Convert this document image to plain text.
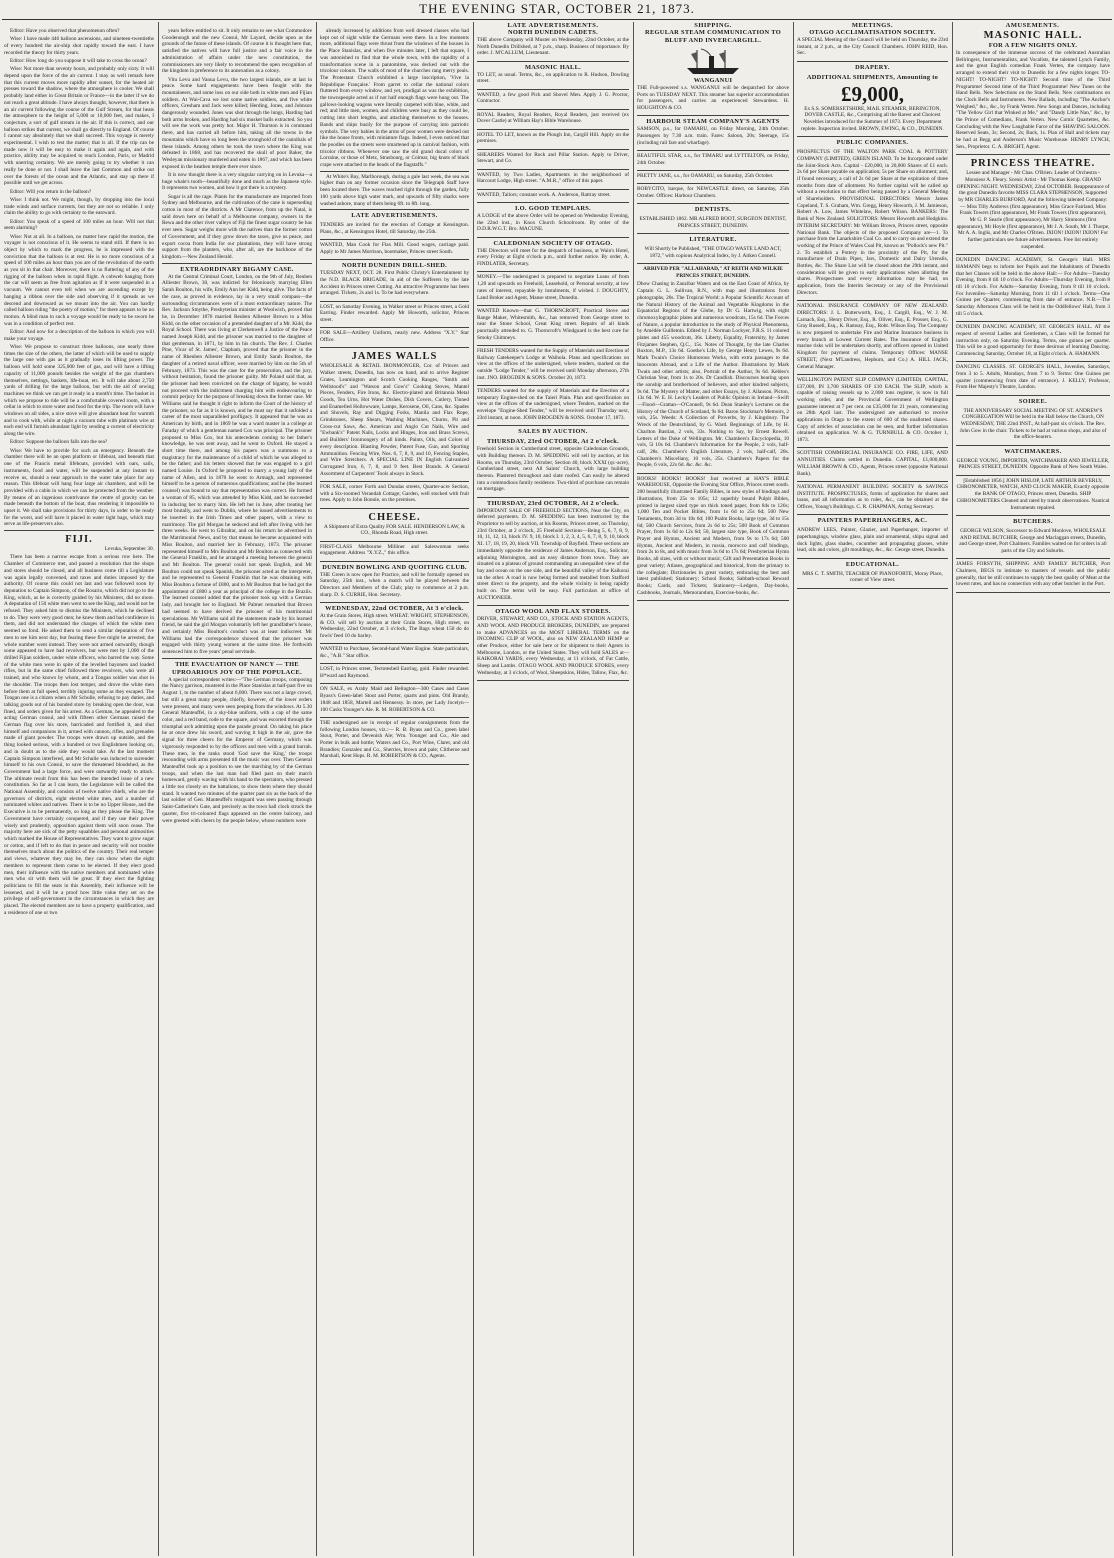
THE EVENING STAR, OCTOBER 21, 1873.
LATE ADVERTISEMENTS.	SHIPPING.	MEETINGS.	AMUSEMENTS.

Editor: Have you observed that phenomenon often?

Wise: I have made 446 balloon ascensions, and nineteen-twentieths of every hundred the air-ship shot rapidly toward the east. I have recorded the theory for thirty years.

Editor: How long do you suppose it will take to cross the ocean?

Wise: Not more than seventy hours, and probably only sixty. It will depend upon the force of the air current. I may as well remark here that this current moves more rapidly after sunset, for the heated air presses toward the shadow, where the atmosphere is cooler. We shall probably land either in Great Britain or France—in the latter if we do not reach a great altitude. I have always thought, however, that there is an air current following the course of the Gulf Stream, for that heats the atmosphere to the height of 5,000 or 10,000 feet, and makes, I conjecture, a sort of gulf stream in the air. If this is correct, and our balloon strikes that current, we shall go directly to England. Of course I cannot say absolutely that we shall succeed. This voyage is merely experimental. I wish to test the matter; that is all. If the trip can be made now it will be easy to make it again and again, and with practice, ability may be acquired to reach London, Paris, or Madrid with unerring certainty. We are merely going to try whether it can really be done or not. I shall leave the last Common and strike out over the forests of the ocean and the Atlantic, and stay up there if possible until we get across.

Editor: Will you return in the balloon?

Wise: I think not. We might, though, by dropping into the local trade winds and surface currents, but they are not so reliable. I only claim the ability to go with certainty to the eastward.

Editor: You speak of a speed of 100 miles an hour. Will not that seem alarming?

Wise: Not at all. In a balloon, no matter how rapid the motion, the voyager is not conscious of it. He seems to stand still. If there is no object by which to mark the progress, he is impressed with the conviction that the balloon is at rest. He is no more conscious of a speed of 100 miles an hour than you are of the revolution of the earth as you sit in that chair. Moreover, there is no fluttering of any of the rigging of the balloon when in rapid flight. A cobweb hanging from the car will seem as free from agitation as if it were suspended in a vacuum. We cannot even tell when we are ascending except by hanging a ribbon over the side and observing if it spreads as we descend and downward as we mount into the air. You can hardly called balloon riding "the poetry of motion," for there appears to be no motion. A blind man in such a voyage would be ready to be sworn he was in a condition of perfect rest.

Editor: And now for a description of the balloon in which you will make your voyage.

Wise: We propose to construct three balloons, one nearly three times the size of the others, the latter of which will be used to supply the large one with gas as it gradually loses its lifting power. The balloon will hold some 325,000 feet of gas, and will have a lifting capacity of 11,000 pounds besides the weight of the gas chambers themselves, nettings, baskets, life-boat, etc. It will take about 2,750 yards of drilling for the large balloon, but with the aid of sewing machines we think we can get it ready in a month's time. The basket in which we propose to ride will be a comfortable covered room, with a cellar in which to store water and food for the trip. The room will have windows on all sides, a nice stove will give abundant heat for warmth and to cook with, while at night a vacuum tube with platinum wire at each end will furnish abundant light by sending a current of electricity along the wire.

Editor: Suppose the balloon falls into the sea?

Wise: We have to provide for such an emergency. Beneath the chamber there will be an open platform or lifeboat, and beneath that one of the Francis metal lifeboats, provided with oars, sails, instruments, food and water, will be suspended at any instant to receive us, should a near approach to the water take place for any reason. This lifeboat will hang four large air chambers, and will be provided with a cabin in which we can be protected from the weather. By means of an ingenious contrivance the centre of gravity can be made beneath the bottom of the boat, thus rendering it impossible to upset it. We shall take provisions for thirty days, in order to be ready for the worst, and will have it placed in water tight bags, which may serve as life-preservers also.

FIJI.

Levuka, September 30.

There has been a narrow escape from a serious row here. The Chamber of Commerce met, and passed a resolution that the shops and stores should be closed, and all business come till a Legislature was again legally convened, and taxes and duties imposed by the authority. Of course this could not last and was followed soon by deputation to Captain Simpson, of the Rosario, which did not go to the King, which, as he is correctly guided by his Ministers, did no more. A deputation of 150 white men went to see the King, and would not be refused. They asked him to dismiss the Ministers, which he declined to do. They were very good men; he knew them and had confidence in them, and did not understand the charges of which the white men seemed so fond. He asked them to send a similar deputation of five men to see him next day, but fearing these five might be arrested, the whole number went instead. They were not armed outwardly, though some appeared to have had revolvers, but were met by 1,000 of the drilled Fijian soldiers, under white officers, who barred the way. Some of the white men were in spite of the levelled bayonets and loaded rifles, but in the same chief followed three revolvers, who were all trained, and who knows by whom, and a Tongan soldier was shot in the shoulder. The troops then lost temper, and drove the white men before them at full speed, terribly injuring some as they escaped. The Tongan one is a citizen when a Mr Schulle, refusing to pay duties, and talking goods out of his bonded store by breaking open the door, was fined, and orders given for his arrest. As a German, he appealed to the acting German consul, and with fifteen other Germans raised the German flag over his store, barricaded and fortified it, and shut himself and companions in it, armed with cannon, rifles, and grenades made of giant powder. The troops were drawn up outside, and the thing looked serious, with a hundred or two Englishmen looking on, and in doubt as to the side they would take. At the last moment Captain Simpson interfered, and Mr Schulle was induced to surrender himself to his own Consul, to save the threatened bloodshed, as the Government had a large force, and were outwardly ready to attack. The ultimate result from this has been the intended issue of a new constitution. So far as I can learn, the Legislature will be called the National Assembly, and consists of twelve native chiefs, who are the governors of districts, eight elected white men, and a number of nominated whites and natives. There is to be no Upper House, and the Executive is to be permanently, so long as they please the King. The Government have certainly conquered, and if they use their power wisely and prudently, opposition against them will soon cease. The majority here are sick of the petty squabbles and personal animosities which marked the House of Representatives. They want to grow sugar or cotton, and if left to do that in peace and security will not trouble themselves much about the politics of the country. Their real temper and views, whatever they may be, they can show when the eight members to represent them come to be elected. If they elect good men, their influence with the native members and nominated white men who sit with them will be great. If they elect the fighting politicians to fill the seats in this Assembly, their influence will be lessened, and it will be a proof how little value they set on the privilege of self-government in the circumstances in which they are placed. The elected members are to have a property qualification, and a residence of one or two

years before entitled to sit. It only remains to see what Commodore Goodenough and the new Consul, Mr Layard, decide upon as the grounds of the future of these islands. Of course it is thought here that, satisfied the natives will have full justice and a fair voice in the administration of affairs under the new constitution, the commissioners are very likely to recommend the open recognition of the kingdom in preference to its annexation as a colony.

Vitu Levu and Vanua Levu, the two largest islands, are at last in peace. Some hard engagements have been fought with the mountaineers, and some loss on our side both in white men and Fijian soldiers. At Wai-Cava we lost some native soldiers, and five white officers, Gresham and Jack were killed; Herding, Jones, and Johnson dangerously wounded. Jones was shot through the lungs, Harding had both arms broken, and Harding had six musket balls extracted. So you will see the work was pretty hot. Major H. Thurston is in command there, and has carried all before him, taking all the towns in the mountains which have so long been the stronghold of the cannibals of these islands. Among others he took the town where the King was defeated in 1868, and has recovered the skull of poor Baker, the Wesleyan missionary murdered and eaten in 1867, and which has been exposed in the heathen temple there ever since.

It is now thought there is a very singular carrying on in Levuka—a huge whale's tooth—beautifully done and much as the Japanese style. It represents two women, and how it got there is a mystery.

Sugar is all the rage. Plants for the manufacture are imported from Sydney and Melbourne, and the cultivation of the cane is superseding cotton in most of the districts. A Mr Clarence, from up the Natal, is said down here on behalf of a Melbourne company, owners in the Rewa and the other river valleys of Fiji the finest sugar country he has ever seen. Sugar weighs more with the natives than the former cotton of Government, and if they grow down the taxes, give us peace, and export cocoa from India for our plantations, they will have strong support from the planters, who, after all, are the backbone of the kingdom.—New Zealand Herald.

EXTRAORDINARY BIGAMY CASE.

At the Central Criminal Court, London, on the 9th of July, Reuben Alliester Brown, 30, was indicted for feloniously marrying Ellen Sarah Boulton, his wife, Emily Ann her Kidd, being alive. The facts of the case, as proved in evidence, lay in a very small compass—the surrounding circumstances were of a most extraordinary nature. The Rev. Jackson Smythe, Presbyterian minister at Woolwich, proved that he, in December 1870 married Reuben Alliester Brown to a Miss Kidd, on the other occasion of a pretended daughter of a Mr. Kidd, the Royal School. There was living at Clerkenwell a Justice of the Peace named Joseph Kidd, and the prisoner was married to the daughter of that gentleman, in 1871, by him in his church. The Rev. J. Charles Pine, Vicar of St. James', Clapham, proved that the prisoner in the name of Rheuben Alliester Brown, and Emily Sarah Boulton, the daughter of a retired naval officer, were married by him on the 5th of February, 1873. This was the case for the prosecution, and the jury, without hesitation, found the prisoner guilty. Mr Poland said that, as the prisoner had been convicted on the charge of bigamy, he would not proceed with the indictment charging him with endeavouring to commit perjury for the purpose of breaking down the former case. Mr Williams said he thought it right to inform the Court of the history of the prisoner, so far as it is known, and he must say that it unfolded a career of the most unparalleled profligacy. It appeared that he was an American by birth, and in 1869 he was a ward master in a college at Faraday of which a gentleman named Cox was principal. The prisoner proposed to Miss Cox, but his antecedents coming to her father's knowledge, he was sent away, and he went to Oxford. He stayed a short time there, and among his papers was a summons to a magistracy for the maintenance of a child of which he was alleged to be the father; and his letters showed that he was engaged to a girl named Louise. In Oxford he proposed to marry a young lady of the name of Allen, and in 1870 he went to Armagh, and represented himself to be a person of numerous qualifications; and he (the learned counsel) was bound to say that representation was correct. He formed a woman of 85, which was attended by Miss Kidd, and he succeeded in inducing her to marry him. He left her in June, after treating her most brutally, and went to Dublin, where he issued advertisements to be inserted in the Irish Times and other papers, with a view to matrimony. The girl Morgan he seduced and left after living with her three weeks. He went to Gibraltar, and on his return he advertised in the Matrimonial News, and by that means he became acquainted with Miss Boulton, and married her in February, 1873. The prisoner represented himself to Mrs Boulton and Mr Boulton as connected with the General Franklin, and he arranged a meeting between the general and Mr Boulton. The general could not speak English, and Mr Boulton could not speak Spanish, the prisoner acted as the interpreter, and he represented to General Franklin that he was obtaining with Miss Boulton a fortune of £800, and to Mr Boulton that he had got the appointment of £800 a year as principal of the college in the Brazils. The learned counsel added that the prisoner took up with a German lady, and brought her to England. Mr Palmer remarked that Brown had seemed to have derived the prisoner of his matrimonial speculations. Mr Williams said all the statements made by his learned friend, he said the girl Morgan voluntarily left her grandfather's house, and certainly Miss Boulton's conduct was at least indiscreet. Mr Williams had the correspondence showed that the prisoner was engaged with thirty young women at the same time. He forthwith sentenced him to five years' penal servitude.

THE EVACUATION OF NANCY — THE UPROARIOUS JOY OF THE POPULACE.

A special correspondent writes:—"The German troops, composing the Nancy garrison, mustered in the Place Stanislas at half-past five on August 1, to the number of about 6,000. There was not a large crowd, but still a great many people, chiefly, however, of the lower orders were present, and many were seen peeping from the windows. At 5.30 General Manteuffel, in a sky-blue uniform, with a cap of the same color, and a red band, rode to the square, and was escorted through the triumphal arch admitting upon the parade ground. On taking his place he at once drew his sword, and waving it high in the air, gave the signal for three cheers for the Emperor of Germany, which was vigorously responded to by the officers and men with a grand hurrah. These men, in the ranks stood 'God save the King,' the troops resounding with arms presented till the music was over. Then General Manteuffel took up a position to see the marching by of the German troops, and when the last man had filed past on their march homeward, gently waving with his hand to the spectators, who pressed a little too closely on the battalions, to show them where they should stand. It wanted two minutes of the quarter past six as the back of the last soldier of Gen. Manteuffel's rearguard was seen passing through Saint-Catherine's Gate, and precisely as the town hall clock struck the quarter, five tri-coloured flags appeared on the centre balcony, and were greeted with cheers by the people below, whose numbers were

already increased by additions from well dressed classes who had kept out of sight while the Germans were there. In a few moments more, additional flags were thrust from the windows of the houses in the Place Stanislas, and when five minutes later, I left that square, I was astonished to find that the whole town, with the rapidity of a transformation scene in a pantomime, was decked out with the tricolour colours. The walls of most of the churches rang merry peals. The Protestant Church exhibited a large inscription, 'Vive la République Française.' From garret to cellar the national colors fluttered from every window, and yet, prodigal as was the exhibition, the townspeople acted as if not half enough flags were hung out. The gallows-looking wagons were literally carpeted with blue, white, and red; and little men, women, and children were busy as they could be, cutting into short lengths, and attaching themselves to the houses. Bands and ships busily for the purpose of carrying into patriotic symbols. The very babies in the arms of poor women were decked out like the house fronts, with miniature flags. Indeed, I even noticed that the poodles on the streets were smartened up in carnival fashion, with tricolor ribbons. Whenever one saw the old grand ducal colors of Lorraine, or those of Metz, Strasbourg, or Colmar, big knots of black crape were attached to the heads of the flagstaffs."

At White's Bay, Marlborough, during a gale last week, the sea was higher than on any former occasion since the Telegraph Staff have been located there. The waves reached right through the garden, fully 100 yards above high water mark, and upwards of fifty sharks were washed ashore, many of them being 6ft. to 8ft. long.

LATE ADVERTISEMENTS.

TENDERS are invited for the erection of Cottage at Kensington. Plans, &c., at Kensington Hotel, till Saturday, the 25th.

WANTED, Man Cook for Flax Mill. Good wages, carriage paid. Apply to Mr James Morrison, bootmaker, Princes street South.

NORTH DUNEDIN DRILL-SHED.

TUESDAY NEXT, OCT. 28. First Public Christy's Entertainment by the N.D. BLACK BRIGADE, in aid of the Sufferers by the late Accident in Princes street Cutting. An attractive Programme has been arranged. Tickets, 2s and 1s. To be had everywhere.

LOST, on Saturday Evening, in Walker street or Princes street, a Gold Earring. Finder rewarded. Apply Mr Howorth, solicitor, Princes street.

FOR SALE—Artillery Uniform, nearly new. Address "X.Y." Star Office.

JAMES WALLS

WHOLESALE & RETAIL IRONMONGER, Cor. of Princes and Walker streets, Dunedin, has now on hand, and to arrive Register Grates, Leamington and Scotch Cooking Ranges, "Smith and Wellstood's" and "Watson and Gow's" Cooking Stoves, Mantel Pieces, Fenders, Fire Irons, &c. Electro-plated and Britannia Metal Goods, Tea Urns, Hot Water Dishes, Dish Covers, Cutlery, Tinned and Enamelled Hollowware, Lamps, Kerosene, Oil, Cans, &c. Spades and Shovels, Ray and Digging Forks, Manila and Flax Rope, Grindstones, Sheep Shears, Washing Machines, Churns, Pit and Cross-cut Saws, &c. American and Anglo Cut Nails, Wire and "Ewbank's" Patent Nails, Locks and Hinges, Iron and Brass Screws, and Builders' Ironmongery of all kinds. Paints, Oils, and Colors of every description. Blasting Powder, Patent Fuse, Gun, and Sporting Ammunition. Fencing Wire, Nos. 6, 7, 8, 9, and 10, Fencing Staples, and Wire Stretchers. A SPECIAL LINE IN English Galvanized Corrugated Iron, 6, 7, 8, and 9 feet. Best Brands. A General Assortment of Carpenters' Tools always in Stock.

FOR SALE, corner Forth and Dundas streets, Quarter-acre Section, with a Six-roomed Verandah Cottage; Garden, well stocked with fruit trees. Apply to John Bonnie, on the premises.

CHEESE.

A Shipment of Extra Quality FOR SALE. HENDERSON LAW, & CO., Rhonda Road, High street.

FIRST-CLASS Melbourne Milliner and Saleswoman seeks engagement. Address "X.Y.Z.," this office.

DUNEDIN BOWLING AND QUOITING CLUB.

THE Green is now open for Practice, and will be formally opened on Saturday, 25th inst., when a match will be played between the Directors and Members of the Club; play to commence at 2 p.m. sharp. D. S. CURRIE, Hon. Secretary.

WEDNESDAY, 22nd OCTOBER, At 3 o'clock.

At the Grain Stores, High street. WHEAT. WRIGHT, STEPHENSON, & CO. will sell by auction at their Grain Stores, High street, on Wednesday, 22nd October, at 3 o'clock, The Bags wheat 150 do do fowls' feed 10 do barley.

WANTED to Purchase, Second-hand Water Engine. State particulars, &c., "A.B." Star office.

LOST, in Princes street, Tectotesbell Earring, gold. Finder rewarded. H*ward and Raymond.

ON SALE, ex Araby Maid and Belington—300 Cases and Cases Byass's Green-label Stout and Porter, quarts and pints. Old Brandy, 1848 and 1858, Martell and Hennessy. In store, per Lady Jocelyn—100 Casks Younger's Ale. R. M. ROBERTSON & CO.

THE undersigned are in receipt of regular consignments from the following London houses, viz.:— R. B. Byass and Co., green label Stout, Porter, and Devenish Ale; Wm. Younger and Co., Ale and Porter in bulk and bottle; Waters and Co., Port Wine, Claret, and old Brandies; Gonzalez and Co., Sherries, brown and pale; Clitheroe and Marshall, Kent Hops. R. M. ROBERTSON & CO., Agents.

NORTH DUNEDIN CADETS.

THE above Company will Muster on Wednesday, 22nd October, at the North Dunedin Drillshed, at 7 p.m., sharp. Business of importance. By order. J. M'CALLUM, Lieutenant.

MASONIC HALL.

TO LET, as usual. Terms, &c., on application to R. Hudson, Dowling street.

WANTED, a few good Pick and Shovel Men. Apply J. G. Proctor, Contractor.

ROYAL Readers, Royal Readers, Royal Readers, just received (ex Dover Castle) at William Hay's Bible Warehouse.

HOTEL TO LET, known as the Plough Inn, Cargill Hill. Apply on the premises.

SHEARERS Wanted for Rock and Pillar Station. Apply to Driver, Stewart, and Co.

WANTED, by Two Ladies, Apartments in the neighborhood of Harcourt Lodge, High street. "A.M.R.," office of this paper.

WANTED, Tailors; constant work. A. Anderson, Rattray street.

I.O. GOOD TEMPLARS.

A LODGE of the above Order will be opened on Wednesday Evening, the 22nd inst., in Knox Church Schoolroom. By order of the D.D.R.W.G.T. Bro. MACUNE.

CALEDONIAN SOCIETY OF OTAGO.

THE Directors will meet for the despatch of business, at Wain's Hotel, every Friday at Eight o'clock p.m., until further notice. By order, A. FINDLATER, Secretary.

MONEY.—The undersigned is prepared to negotiate Loans of from 1,20 and upwards on Freehold, Leasehold, or Personal security, at low rates of interest, repayable by instalments, if wished. J. DOUGHTY, Land Broker and Agent, Manse street, Dunedin.

WANTED Known—that G. THORNCROFT, Practical Stove and Range Maker, Whitesmith, &c., has removed from George street to near the Stone School, Great King street. Repairs of all kinds punctually attended to. G. Thorncroft's Windguard is the best cure for Smoky Chimneys.

FRESH TENDERS wanted for the Supply of Materials and Erection of Railway Gatekeeper's Lodge at Waihola. Plans and specifications on view at the offices of the undersigned, where tenders, marked on the outside "Lodge Tender," will be received until Monday afternoon, 27th inst. JNO. BROGDEN & SONS. October 20, 1873.

TENDERS wanted for the supply of Materials and the Erection of a temporary Engine-shed on the Taieri Plain. Plan and specification on view at the offices of the undersigned, where Tenders, marked on the envelope "Engine-Shed Tender," will be received until Thursday next, 23rd instant, at noon. JOHN BROGDEN & SONS. October 17, 1873.

SALES BY AUCTION.
THURSDAY, 23rd OCTOBER, At 2 o'clock.

Freehold Section in Cumberland street, opposite Caledonian Grounds, with Building thereon. D. M. SPEDDING will sell by auction, at his Rooms, on Thursday, 23rd October, Section 40, block XXXI (qr.-acre), Cumberland street, next All Saints' Church, with large building thereon. Plastered throughout and slate roofed. Can easily be altered into a commodious family residence. Two-third of purchase can remain on mortgage.

THURSDAY, 23rd OCTOBER, At 2 o'clock.

IMPORTANT SALE OF FREEHOLD SECTIONS, Near the City, on deferred payments. D. M. SPEDDING has been instructed by the Proprietor to sell by auction, at his Rooms, Princes street, on Thursday, 23rd October, at 2 o'clock, 25 Freehold Sections—Being 5, 6, 7, 8, 9, 10, 11, 12, 13, block IV. 9, 10, block I. 1, 2, 3, 4, 5, 6, 7, 8, 9, 10, block XI. 17, 18, 19, 20, block VII. Township of Bayfield. These sections are immediately opposite the residence of James Anderson, Esq., Solicitor, adjoining Mornington, and an easy distance from town. They are situated on a plateau of ground commanding an unequalled view of the bay and ocean on the one side, and the beautiful valley of the Kaikorai on the other. A road is now being formed and metalled from Stafford street direct to the property, and the whole vicinity is being rapidly built on. The terms will be easy. Full particulars at office of AUCTIONEER.

OTAGO WOOL AND FLAX STORES.

DRIVER, STEWART, AND CO., STOCK AND STATION AGENTS, AND WOOL AND PRODUCE BROKERS, DUNEDIN, are prepared to make ADVANCES on the MOST LIBERAL TERMS on the INCOMING CLIP of WOOL, also on NEW ZEALAND HEMP or other Produce, either for sale here or for shipment to their Agents in Melbourne, London, or the United States. They will hold SALES at— KAIKORAI YARDS, every Wednesday, at 11 o'clock, of Fat Cattle, Sheep and Lambs. OTAGO WOOL AND PRODUCE STORES, every Wednesday, at 3 o'clock, of Wool, Sheepskins, Hides, Tallow, Flax, &c.

REGULAR STEAM COMMUNICATION TO BLUFF AND INVERCARGILL.
WANGANUI

THE Full-powered s.s. WANGANUI will be despatched for above Ports on TUESDAY NEXT. This steamer has superior accommodation for passengers, and carries an experienced Stewardess. H. HOUGHTON & CO.

HARBOUR STEAM COMPANY'S AGENTS

SAMSON, p.s., for OAMARU, on Friday Morning, 24th October. Passengers by 7.30 a.m. train. Fares: Saloon, 20s; Steerage, 15s (including rail fare and wharfage).

BEAUTIFUL STAR, s.s., for TIMARU and LYTTELTON, on Friday, 24th October.

PRETTY JANE, s.s., for OAMARU, on Saturday, 25th October.

BOBYCITO, barque, for NEWCASTLE direct, on Saturday, 25th October. Offices: Harbour Chambers.

DENTISTS.

ESTABLISHED 1862. MR ALFRED BOOT, SURGEON DENTIST, PRINCES STREET, DUNEDIN.

LITERATURE.

Will Shortly be Published, "THE OTAGO WASTE LAND ACT, 1872," with copious Analytical Index, by J. Aitken Connell.

ARRIVED PER "ALLAHABAD," AT REITH AND WILKIE PRINCES STREET, DUNEDIN.

Dhow Chasing in Zanzibar Waters and on the East Coast of Africa, by Captain G. L. Sullivan, R.N., with map and illustrations from photographs, 20s. The Tropical World: a Popular Scientific Account of the Natural History of the Animal and Vegetable Kingdoms in the Equatorial Regions of the Globe, by Dr G. Hartwig, with eight chromoxylographic plates and numerous woodcuts, 15s 6d. The Forces of Nature, a popular introduction to the study of Physical Phenomena, by Amédée Guillemin. Edited by J. Norman Lockyer, F.R.S. 11 colored plates and 455 woodcuts, 36s. Liberty, Equality, Fraternity, by James Fitzjames Stephen, Q.C., 15s. Notes of Thought, by the late Charles Buxton, M.P., 13s 6d. Goethe's Life, by George Henry Lewes, 9s 6d. Mark Twain's Choice Humorous Works, with extra passages to the Innocents Abroad, and a Life of the Author. Illustrations by Mark Twain and other artists; also, Portrait of the Author, 9s 6d. Kebles's Christian Year, from 1s to 20s. Dr Candlish. Discourses bearing upon the sonship and brotherhood of believers, and other kindred subjects, 9s 6d. The Mystery of Matter, and other Essays, by J. Allanson. Picton, 13s 6d. W. E. H. Lecky's Leaders of Public Opinion in Ireland—Swift—Flood—Grattan—O'Connell, 9s 6d. Dean Stanley's Lectures on the History of the Church of Scotland, 9s 6d. Baron Stockmar's Memoirs, 2 vols, 25s. Weeds: A Collection of Proverbs, by J. Kingsbury. The Wreck of the Deutschland, by G. Ward. Beginnings of Life, by H. Charlton Bastian, 2 vols, 33s. Nothing to Say, by Ernest Rowell. Letters of the Duke of Wellington. Mr. Chambers's Encyclopedia, 10 vols, 5l 10s 6d. Chambers's Information for the People, 2 vols, half-calf, 28s. Chambers's English Literature, 2 vols, half-calf, 28s. Chambers's Miscellany, 10 vols, 25s. Chambers's Papers for the People, 6 vols, 22s 6d. &c. &c. &c.

BOOKS! BOOKS! BOOKS! Just received at HAY'S BIBLE WAREHOUSE, Opposite the Evening Star Office, Princes street south. 200 beautifully illustrated Family Bibles, in new styles of bindings and illustrations, from 25s to 105s; 12 superbly bound Pulpit Bibles, printed in largest sized type on thick toned paper, from 84s to 126s; 1,000 Ten and Pocket Bibles, from 1s 6d to 25s 6d; 500 New Testaments, from 3d to 10s 6d; 100 Psalm Books, large type, 3d to 15s 6d; 500 Church Services, from 2s 6d to 25s; 500 Book of Common Prayer, from 1s 6d to 12s 6d; 50, largest size type, Book of Common Prayer and Hymns, Ancient and Modern, from 9s to 17s 6d; 500 Hymns, Ancient and Modern, in russia, morocco and calf bindings, from 2s to 8s, and with music from 3s 6d to 17s 6d; Presbyterian Hymn Books, all sizes, with or without music; Gift and Presentation Books in great variety; Atlases, geographical and historical, from the primary to the collegiate; Dictionaries in great variety, embracing the best and latest published; Stationery; School Books; Sabbath-school Reward Books; Cards, and Tickets; Stationery—Ledgers, Day-books, Cashbooks, Journals, Memorandum, Exercise-books, &c.

OTAGO ACCLIMATISATION SOCIETY.

A SPECIAL Meeting of the Council will be held on Thursday, the 23rd instant, at 2 p.m., at the City Council Chambers. JOHN REID, Hon. Sec.

DRAPERY.
ADDITIONAL SHIPMENTS, Amounting to
£9,000,

Ex S.S. SOMERSETSHIRE, MAIL STEAMER, BERINGTON, DOVER CASTLE, &c., Comprising all the Rarest and Choicest Novelties introduced for the Summer of 1873. Every Department replete. Inspection invited. BROWN, EWING, & CO., DUNEDIN.

PUBLIC COMPANIES.

PROSPECTUS OF THE WALTON PARK COAL & POTTERY COMPANY (LIMITED), GREEN ISLAND. To be Incorporated under the Joint-Stock Acts. Capital - £20,000, in 20,000 Shares of £1 each. 2s 6d per Share payable on application; 5s per Share on allotment; and, if found necessary, a call of 2s 6d per Share at the expiration of three months from date of allotment. No further capital will be called up without a resolution to that effect being passed by a General Meeting of Shareholders. PROVISIONAL DIRECTORS: Messrs James Copeland, T. S. Graham, Wm. Gregg, Henry Howorth, J. M. Jamieson, Robert A. Low, James Whitelaw, Robert Wilson. BANKERS: The Bank of New Zealand. SOLICITORS: Messrs Howorth and Hodgkins. INTERIM SECRETARY: Mr William Brown, Princes street, opposite National Bank. The objects of the proposed Company are—1. To purchase from the Lanarkshire Coal Co. and to carry on and extend the working of the Prince of Wales Coal Pit, known as "Pollock's new Pit." 2. To establish a Pottery in the proximity of the Pit, for the manufacture of Drain Pipes, Jars, Domestic and Dairy Utensils, Bottles, &c. The Share List will be closed about the 29th instant, and consideration will be given to early applications when allotting the shares. Prospectuses and every information may be had, on application, from the Interim Secretary or any of the Provisional Directors.

NATIONAL INSURANCE COMPANY OF NEW ZEALAND. DIRECTORS: J. L. Butterworth, Esq., J. Cargill, Esq., W. J. M. Larnach, Esq., Henry Driver, Esq., R. Oliver, Esq., E. Prosser, Esq., G. Gray Russell, Esq., K. Ramsay, Esq., Robt. Wilson Esq. The Company is now prepared to undertake Fire and Marine Insurance business in every branch at Lowest Current Rates. The insurance of English marine risks will be undertaken shortly, and officers opened in United Kingdom for payment of claims. Temporary Offices: MANSE STREET, (Next M'Landress, Hepburn, and Co.) A. HILL JACK, General Manager.

WELLINGTON PATENT SLIP COMPANY (LIMITED). CAPITAL, £37,000, IN 3,700 SHARES OF £10 EACH. The SLIP, which is capable of raising vessels up to 2,000 tons register, is now in full working order, and the Provincial Government of Wellington guarantee interest at 7 per cent. on £35,000 for 21 years, commencing on 28th April last. The undersigned are authorised to receive applications in Otago to the extent of 600 of the unallotted shares. Copy of articles of association can be seen, and further information obtained on application. W. & G. TURNBULL & CO. October 1, 1873.

SCOTTISH COMMERCIAL INSURANCE CO. FIRE, LIFE, AND ANNUITIES. Claims settled in Dunedin. CAPITAL, £1,000,000. WILLIAM BROWN & CO., Agents, Princes street (opposite National Bank).

NATIONAL PERMANENT BUILDING SOCIETY & SAVINGS INSTITUTE. PROSPECTUSES, forms of application for shares and loans, and all information as to rules, &c., can be obtained at the Offices, Young's Buildings. C. R. CHAPMAN, Acting Secretary.

PAINTERS PAPERHANGERS, &C.

ANDREW LEES, Painter, Glazier, and Paperhanger, importer of paperhangings, window glass, plain and ornamental, shipu signal and dock lights, glass shades, cucumber and propagating glasses, white lead, oils and colors, gilt mouldings, &c., &c. George street, Dunedin.

EDUCATIONAL.

MRS C. T. SMITH, TEACHER OF PIANOFORTE, Moray Place, corner of View street.

MASONIC HALL.
FOR A FEW NIGHTS ONLY.

In consequence of the immense success of the celebrated Australian Bellringers, Instrumentalists, and Vocalists, the talented Lynch Family, and the great English comedian Frank Verten, the company have arranged to extend their visit to Dunedin for a few nights longer. TO-NIGHT! TO-NIGHT! TO-NIGHT! Second time of the Third Programme! Second time of the Third Programme! New Tunes on the Hand Bells. New Selections on the Stand Bells. New combinations on the Clock Bells and Instruments. New Ballads, including "The Anchor's Weighed," &c., &c., by Frank Verten. New Songs and Dances, including "The Yellow Girl that Winked at Me," and "Dandy Little Nan," &c., by the Prince of Comedians, Frank Verten. New Comic Quartettes, &c. Concluding with the New Laughable Farce of the SHAVING SALOON. Reserved Seats, 3s; Second, 2s; Back, 1s. Plan of Hall and tickets may be had at Begg and Anderson's Music Warehouse. HENRY LYNCH, Sen., Proprietor. C. A. BRIGHT, Agent.

PRINCESS THEATRE.

Lessee and Manager - Mr Chas. O'Brien. Leader of Orchestra - Monsieur A. Fleury. Scenic Artist - Mr Thomas Kemp. GRAND OPENING NIGHT. WEDNESDAY, 22nd OCTOBER. Reappearance of the great Dunedin favorite MISS CLARA STEPHENSON, Supported by MR CHARLES BURFORD, And the following talented Company:— Miss Tilly Andrews (first appearance), Miss Grace Fairland, Miss Frank Towers (first appearance), Mr Frank Towers (first appearance), Mr G. P. Searle (first appearance), Mr Harry Simmons (first appearance), Mr Hoyle (first appearance), Mr J. A. South, Mr J. Thorpe, Mr A. A. Inglis, and Mr Charles O'Brien. IXION! IXION! IXION! For further particulars see future advertisements. Free list entirely suspended.

DUNEDIN DANCING ACADEMY, St. George's Hall. MRS HAMANN begs to inform her Pupils and the Inhabitants of Dunedin that her Classes will be held in the above Hall:— For Adults—Tuesday Evening, from 8 till 10 o'clock. For Adults—Thursday Evening, from 8 till 10 o'clock. For Adults—Saturday Evening, from 8 till 10 o'clock. For Juveniles—Saturday Morning, from 11 till 1 o'clock. Terms—One Guinea per Quarter, commencing from date of entrance. N.B.—The Saturday Afternoon Class will be held in the Oddfellows' Hall, from 3 till 5 o'clock.

DUNEDIN DANCING ACADEMY, ST. GEORGE'S HALL. AT the request of several Ladies and Gentlemen, a Class will be formed for instruction only, on Saturday Evening. Terms, one guinea per quarter. This will be a good opportunity for those desirous of learning Dancing. Commencing Saturday, October 18, at Eight o'clock. A. HAMANN.

DANCING CLASSES. ST. GEORGE'S HALL, Juveniles, Saturdays, from 3 to 5. Adults, Mondays, from 7 to 9. Terms: One Guinea per quarter (commencing from date of entrance). J. KELLY, Professor, From Her Majesty's Theatre, London.

SOIREE.

THE ANNIVERSARY SOCIAL MEETING OF ST. ANDREW'S CONGREGATION Will be held in the Hall below the Church, ON WEDNESDAY, THE 22nd INST., At half-past six o'clock. The Rev. John Gow in the chair. Tickets to be had at various shops, and also of the office-bearers.

WATCHMAKERS.

GEORGE YOUNG, IMPORTER, WATCHMAKER AND JEWELLER, PRINCES STREET, DUNEDIN. Opposite Bank of New South Wales.

[Established 1856.] JOHN HISLOP, LATE ARTHUR BEVERLY, CHRONOMETER, WATCH, AND CLOCK MAKER, Exactly opposite the BANK OF OTAGO, Princes street, Dunedin. SHIP CHRONOMETERS Cleaned and rated by transit observations. Nautical Instruments repaired.

BUTCHERS.

GEORGE WILSON, Successor to Edward Monlove, WHOLESALE AND RETAIL BUTCHER, George and Maclaggan streets, Dunedin, and George street, Port Chalmers. Families waited on for orders in all parts of the City and Suburbs.

JAMES FORSYTH, SHIPPING AND FAMILY BUTCHER, Port Chalmers, BEGS to intimate to masters of vessels and the public generally, that he still continues to supply the best quality of Meat at the lowest rates, and has no connection with any other butcher in the Port.
